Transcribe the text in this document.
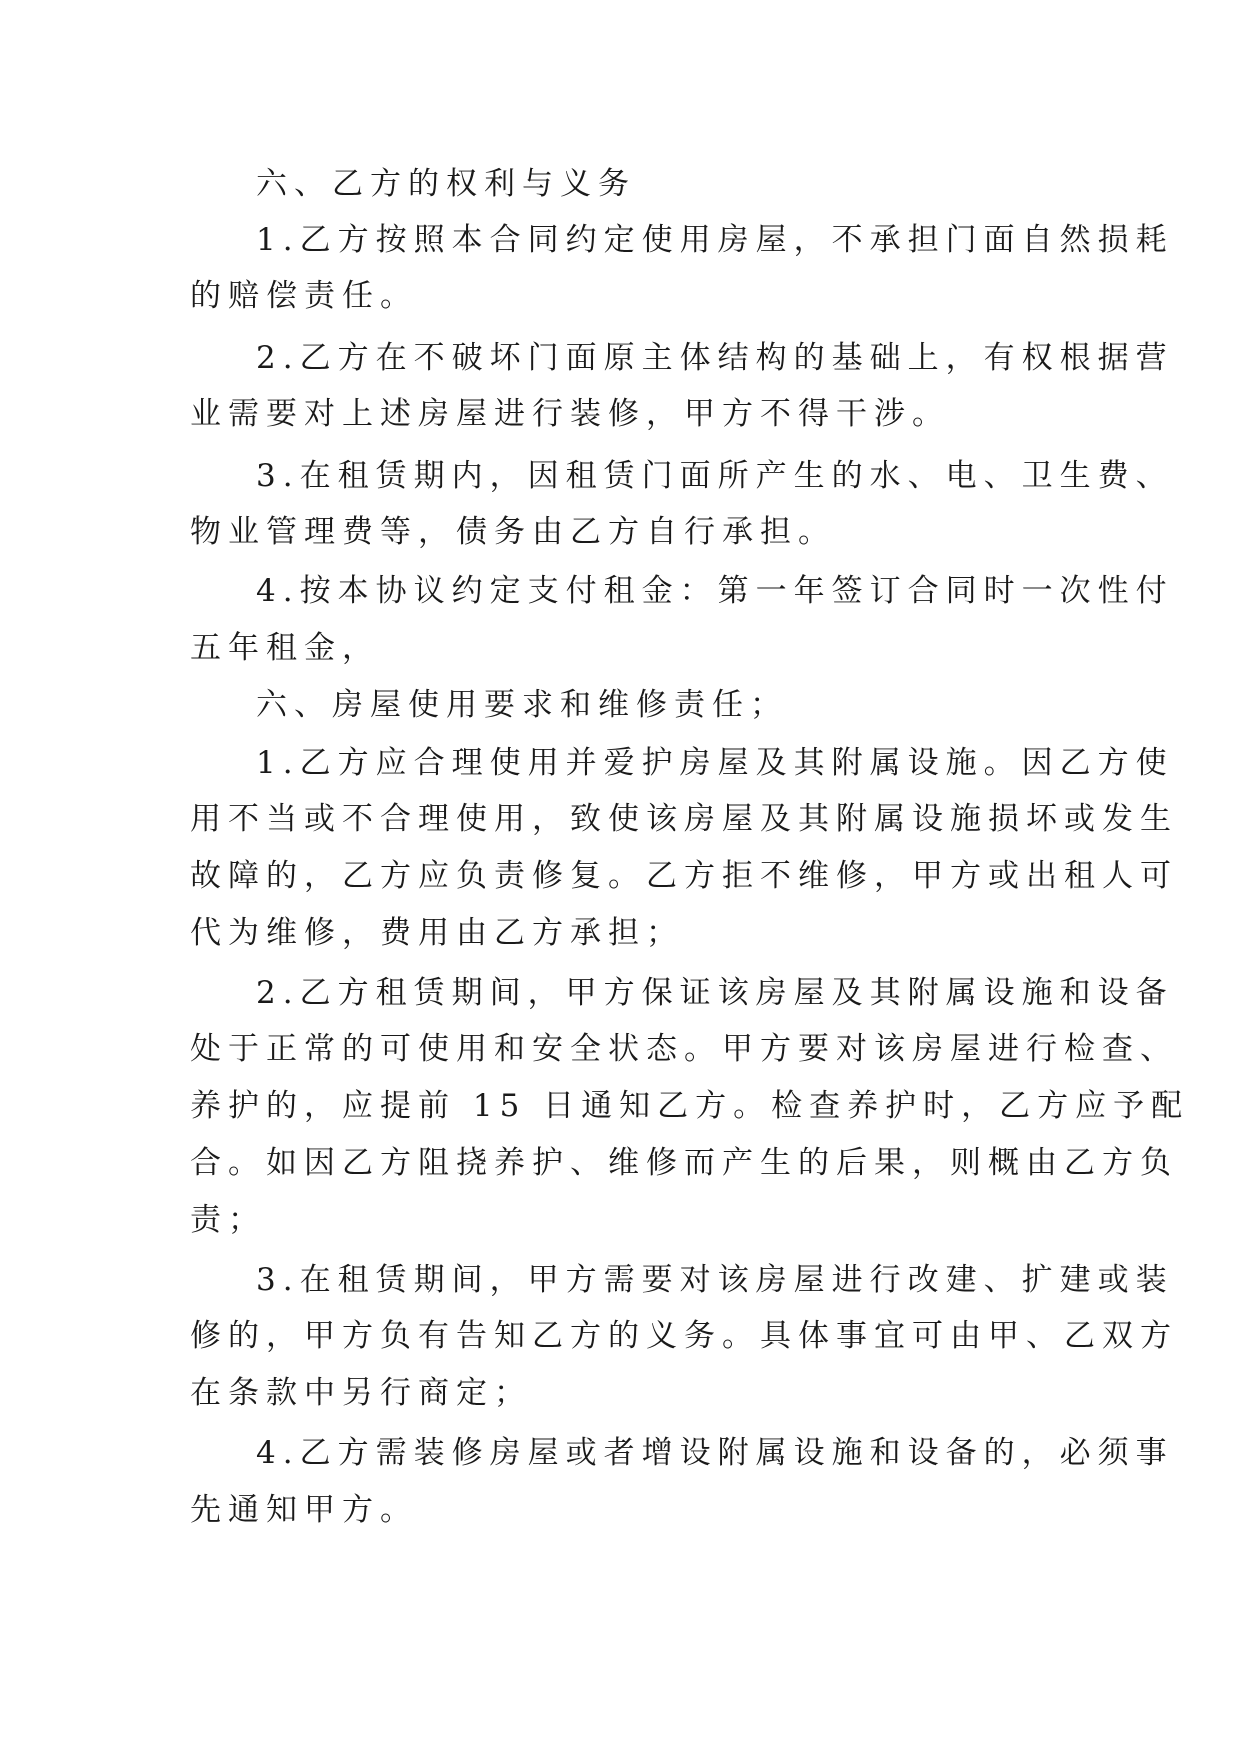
六、乙方的权利与义务
1.乙方按照本合同约定使用房屋，不承担门面自然损耗
的赔偿责任。
2.乙方在不破坏门面原主体结构的基础上，有权根据营
业需要对上述房屋进行装修，甲方不得干涉。
3.在租赁期内，因租赁门面所产生的水、电、卫生费、
物业管理费等，债务由乙方自行承担。
4.按本协议约定支付租金：第一年签订合同时一次性付
五年租金，
六、房屋使用要求和维修责任；
1.乙方应合理使用并爱护房屋及其附属设施。因乙方使
用不当或不合理使用，致使该房屋及其附属设施损坏或发生
故障的，乙方应负责修复。乙方拒不维修，甲方或出租人可
代为维修，费用由乙方承担；
2.乙方租赁期间，甲方保证该房屋及其附属设施和设备
处于正常的可使用和安全状态。甲方要对该房屋进行检查、
养护的，应提前 15 日通知乙方。检查养护时，乙方应予配
合。如因乙方阻挠养护、维修而产生的后果，则概由乙方负
责；
3.在租赁期间，甲方需要对该房屋进行改建、扩建或装
修的，甲方负有告知乙方的义务。具体事宜可由甲、乙双方
在条款中另行商定；
4.乙方需装修房屋或者增设附属设施和设备的，必须事
先通知甲方。
